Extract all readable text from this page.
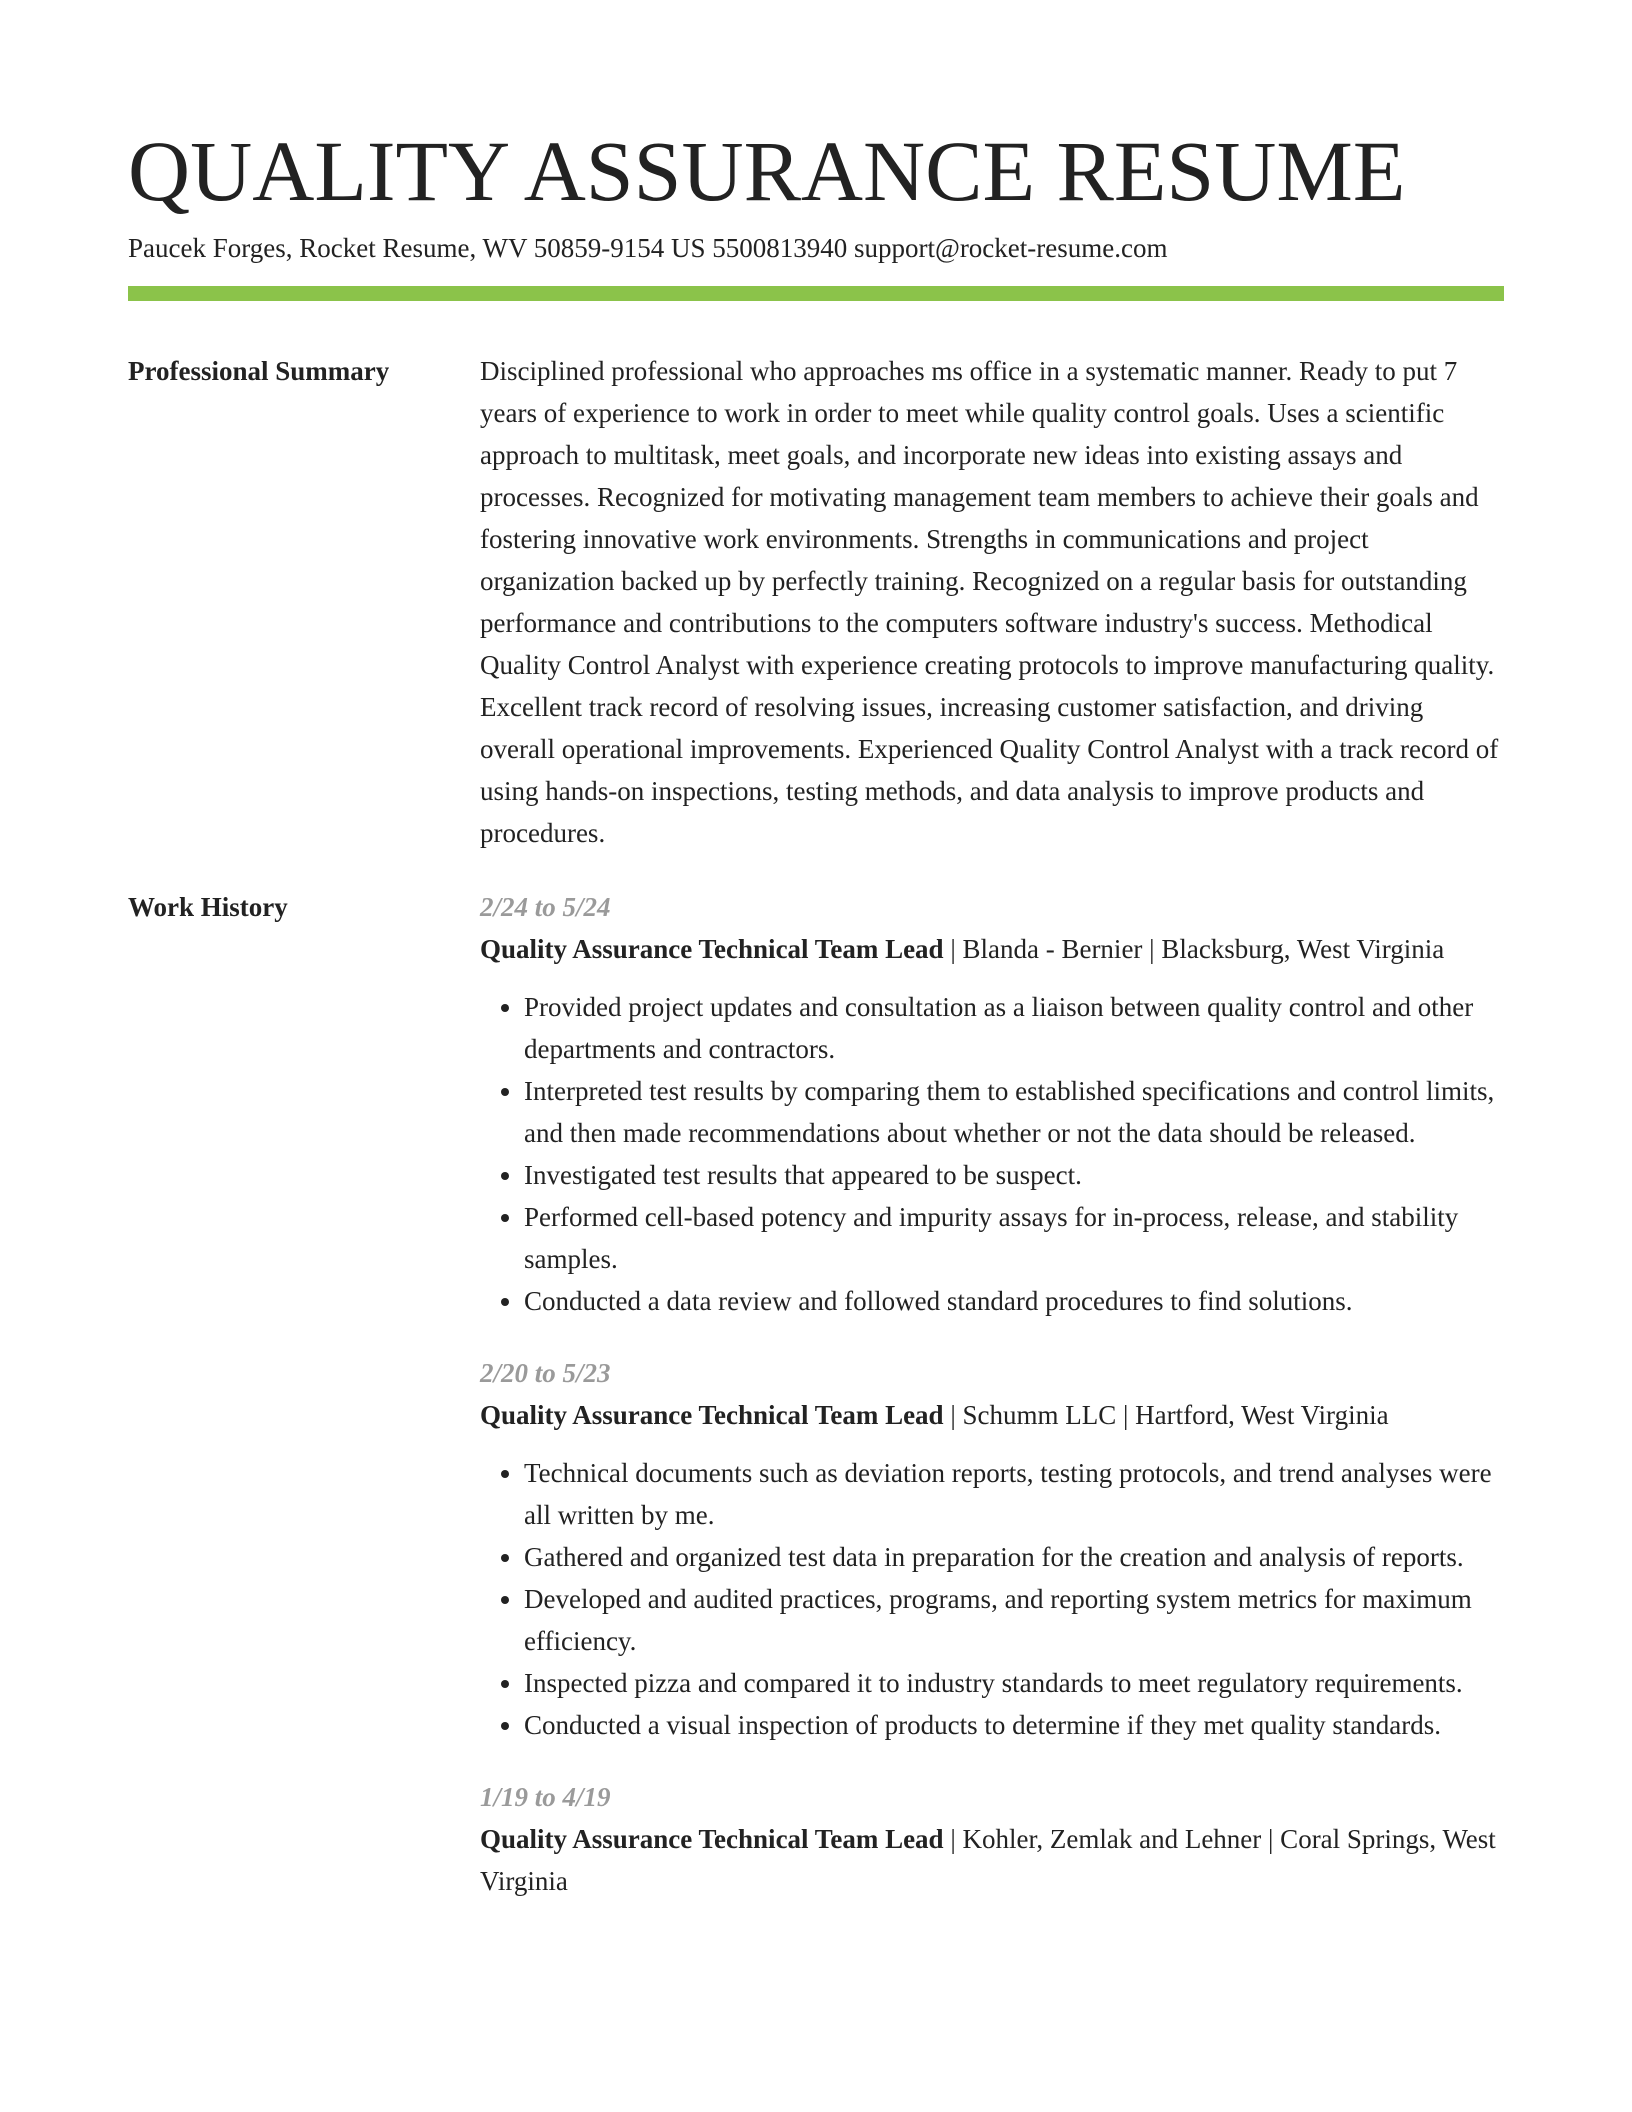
QUALITY ASSURANCE RESUME
Paucek Forges, Rocket Resume, WV 50859-9154 US 5500813940 support@rocket-resume.com
Professional Summary	Disciplined professional who approaches ms office in a systematic manner. Ready to put 7 years of experience to work in order to meet while quality control goals. Uses a scientific approach to multitask, meet goals, and incorporate new ideas into existing assays and processes. Recognized for motivating management team members to achieve their goals and fostering innovative work environments. Strengths in communications and project organization backed up by perfectly training. Recognized on a regular basis for outstanding performance and contributions to the computers software industry's success. Methodical Quality Control Analyst with experience creating protocols to improve manufacturing quality. Excellent track record of resolving issues, increasing customer satisfaction, and driving overall operational improvements. Experienced Quality Control Analyst with a track record of using hands-on inspections, testing methods, and data analysis to improve products and procedures.

Work History	2/24 to 5/24
Quality Assurance Technical Team Lead | Blanda - Bernier | Blacksburg, West Virginia
• Provided project updates and consultation as a liaison between quality control and other departments and contractors.
• Interpreted test results by comparing them to established specifications and control limits, and then made recommendations about whether or not the data should be released.
• Investigated test results that appeared to be suspect.
• Performed cell-based potency and impurity assays for in-process, release, and stability samples.
• Conducted a data review and followed standard procedures to find solutions.
2/20 to 5/23
Quality Assurance Technical Team Lead | Schumm LLC | Hartford, West Virginia
• Technical documents such as deviation reports, testing protocols, and trend analyses were all written by me.
• Gathered and organized test data in preparation for the creation and analysis of reports.
• Developed and audited practices, programs, and reporting system metrics for maximum efficiency.
• Inspected pizza and compared it to industry standards to meet regulatory requirements.
• Conducted a visual inspection of products to determine if they met quality standards.
1/19 to 4/19
Quality Assurance Technical Team Lead | Kohler, Zemlak and Lehner | Coral Springs, West Virginia
